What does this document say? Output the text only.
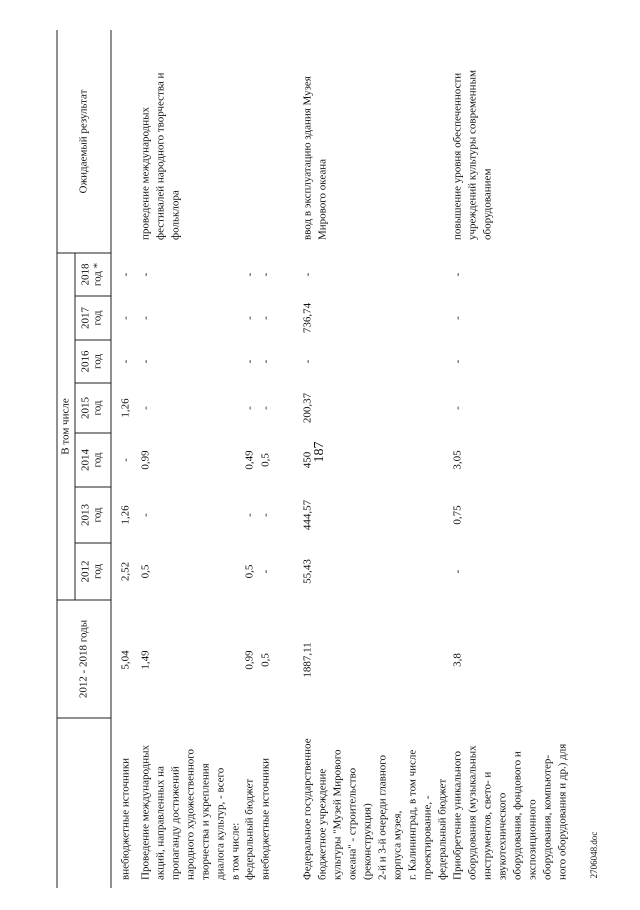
187
2012 - 2018 годы
В том числе
2012 год
2013 год
2014 год
2015 год
2016 год
2017 год
2018 год *
Ожидаемый результат
внебюджетные источники
5,04
2,52
1,26
-
1,26
-
-
-
Проведение международных акций, направленных на пропаганду достижений народного художественного творчества и укрепления диалога культур, - всего
1,49
0,5
-
0,99
-
-
-
-
проведение международных фестивалей народного творчества и фольклора
в том числе: федеральный бюджет
0,99
0,5
-
0,49
-
-
-
-
внебюджетные источники
0,5
-
-
0,5
-
-
-
-
Федеральное государственное бюджетное учреждение культуры "Музей Мирового океана" - строительство (реконструкция) 2-й и 3-й очереди главного корпуса музея, г. Калининград, в том числе проектирование, - федеральный бюджет
1887,11
55,43
444,57
450
200,37
-
736,74
-
ввод в эксплуатацию здания Музея Мирового океана
Приобретение уникального оборудования (музыкальных инструментов, свето- и звукотехнического оборудования, фондового и экспозиционного оборудования, компьютер- ного оборудования и др.) для
3,8
-
0,75
3,05
-
-
-
-
повышение уровня обеспеченности учреждений культуры современным оборудованием
2706048.doc
